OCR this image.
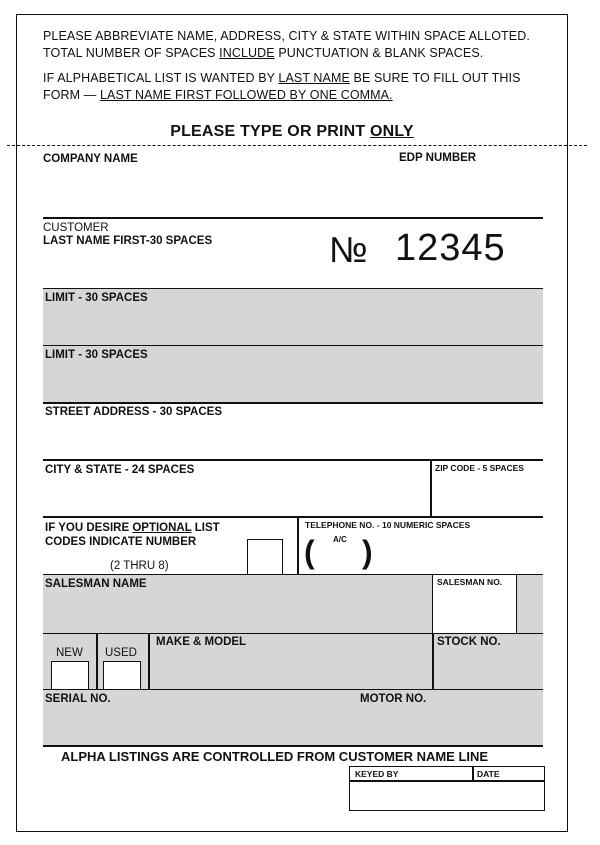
PLEASE ABBREVIATE NAME, ADDRESS, CITY & STATE WITHIN SPACE ALLOTED.
TOTAL NUMBER OF SPACES INCLUDE PUNCTUATION & BLANK SPACES.
IF ALPHABETICAL LIST IS WANTED BY LAST NAME BE SURE TO FILL OUT THIS
FORM — LAST NAME FIRST FOLLOWED BY ONE COMMA.
PLEASE TYPE OR PRINT ONLY
COMPANY NAME	EDP NUMBER
CUSTOMER
LAST NAME FIRST-30 SPACES	№ 12345
LIMIT - 30 SPACES
LIMIT - 30 SPACES
STREET ADDRESS - 30 SPACES
CITY & STATE - 24 SPACES	ZIP CODE - 5 SPACES
IF YOU DESIRE OPTIONAL LIST
CODES INDICATE NUMBER
(2 THRU 8)
TELEPHONE NO. - 10 NUMERIC SPACES
A/C
( )
SALESMAN NAME	SALESMAN NO.
NEW USED
MAKE & MODEL	STOCK NO.
SERIAL NO.	MOTOR NO.
ALPHA LISTINGS ARE CONTROLLED FROM CUSTOMER NAME LINE
KEYED BY	DATE
